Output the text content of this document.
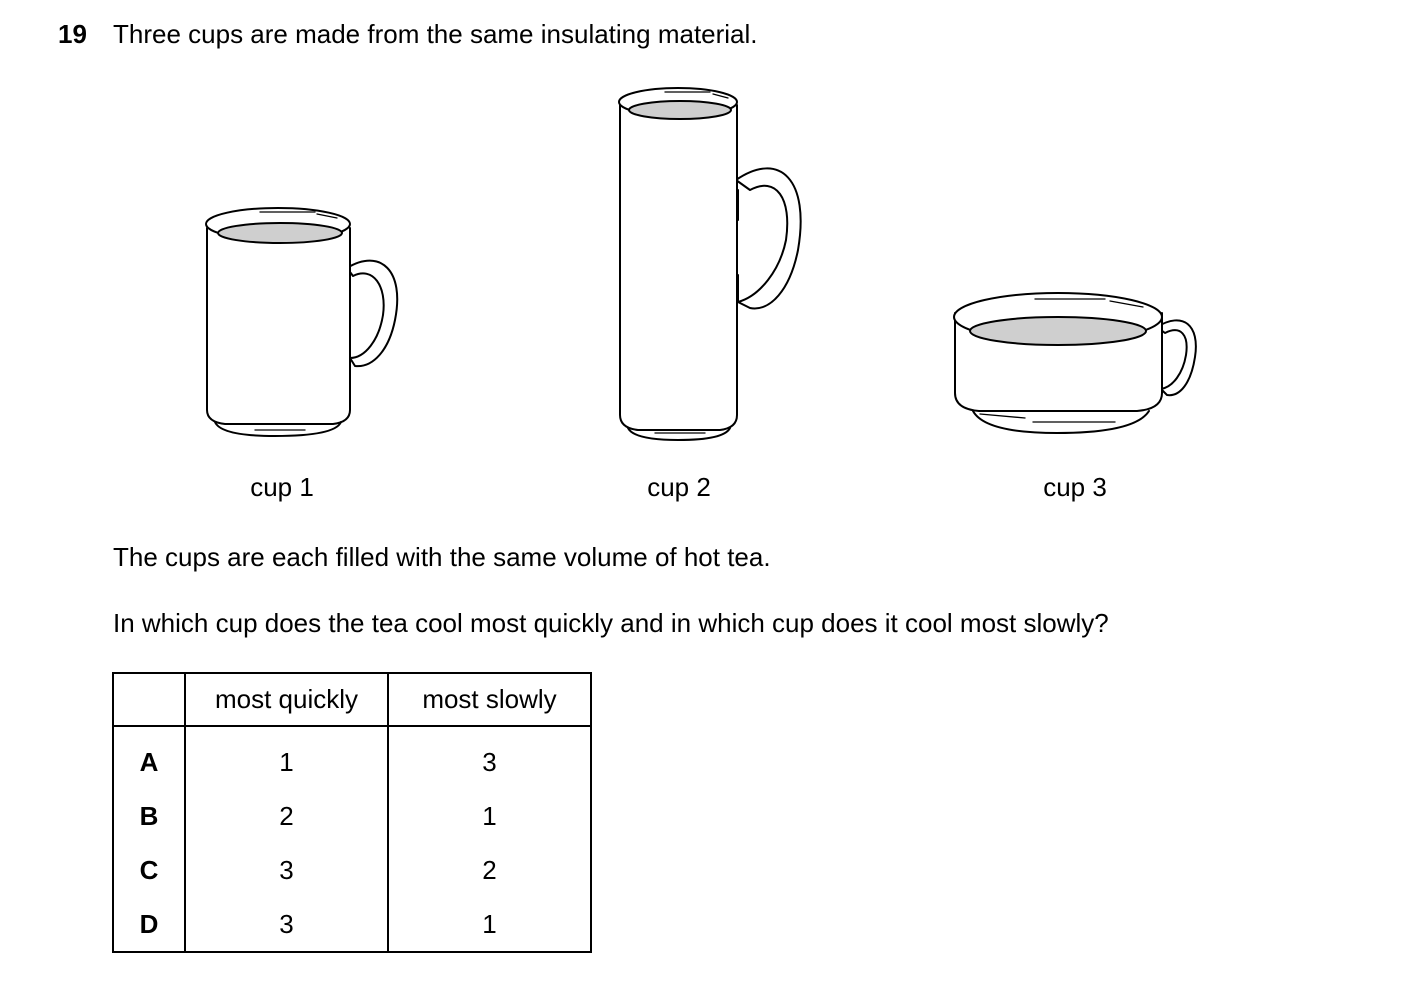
19 Three cups are made from the same insulating material.
cup 1	cup 2	cup 3
The cups are each filled with the same volume of hot tea.
In which cup does the tea cool most quickly and in which cup does it cool most slowly?
	most quickly	most slowly
A	1	3
B	2	1
C	3	2
D	3	1
